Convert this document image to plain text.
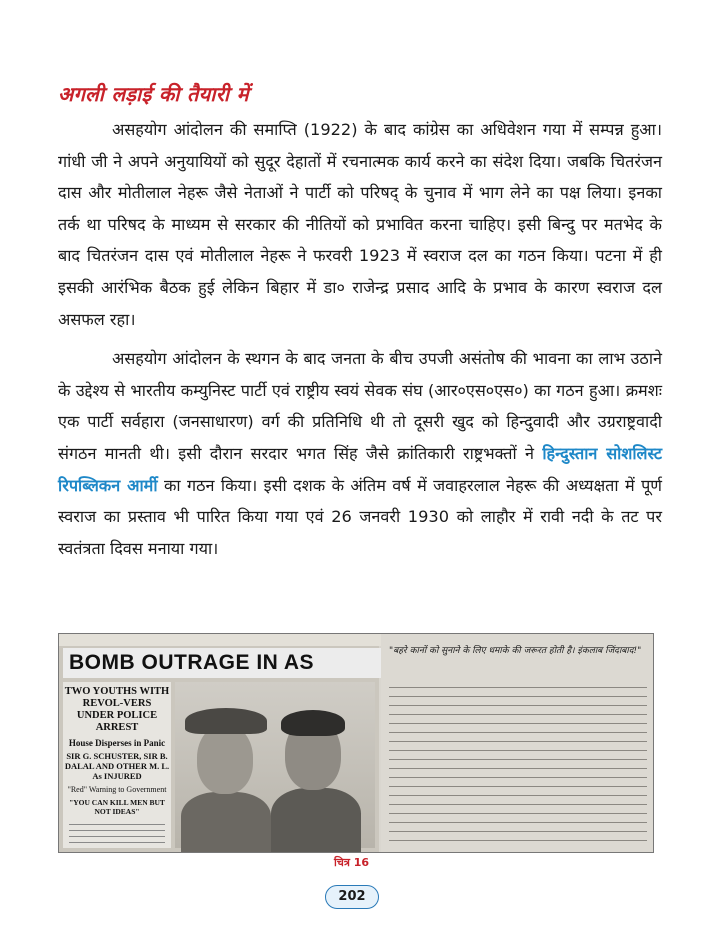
अगली लड़ाई की तैयारी में

असहयोग आंदोलन की समाप्ति (1922) के बाद कांग्रेस का अधिवेशन गया में सम्पन्न हुआ। गांधी जी ने अपने अनुयायियों को सुदूर देहातों में रचनात्मक कार्य करने का संदेश दिया। जबकि चितरंजन दास और मोतीलाल नेहरू जैसे नेताओं ने पार्टी को परिषद् के चुनाव में भाग लेने का पक्ष लिया। इनका तर्क था परिषद के माध्यम से सरकार की नीतियों को प्रभावित करना चाहिए। इसी बिन्दु पर मतभेद के बाद चितरंजन दास एवं मोतीलाल नेहरू ने फरवरी 1923 में स्वराज दल का गठन किया। पटना में ही इसकी आरंभिक बैठक हुई लेकिन बिहार में डा० राजेन्द्र प्रसाद आदि के प्रभाव के कारण स्वराज दल असफल रहा।

असहयोग आंदोलन के स्थगन के बाद जनता के बीच उपजी असंतोष की भावना का लाभ उठाने के उद्देश्य से भारतीय कम्युनिस्ट पार्टी एवं राष्ट्रीय स्वयं सेवक संघ (आर०एस०एस०) का गठन हुआ। क्रमशः एक पार्टी सर्वहारा (जनसाधारण) वर्ग की प्रतिनिधि थी तो दूसरी खुद को हिन्दुवादी और उग्रराष्ट्रवादी संगठन मानती थी। इसी दौरान सरदार भगत सिंह जैसे क्रांतिकारी राष्ट्रभक्तों ने हिन्दुस्तान सोशलिस्ट रिपब्लिकन आर्मी का गठन किया। इसी दशक के अंतिम वर्ष में जवाहरलाल नेहरू की अध्यक्षता में पूर्ण स्वराज का प्रस्ताव भी पारित किया गया एवं 26 जनवरी 1930 को लाहौर में रावी नदी के तट पर स्वतंत्रता दिवस मनाया गया।

BOMB OUTRAGE IN AS
TWO YOUTHS WITH REVOL-VERS UNDER POLICE ARREST
House Disperses in Panic
SIR G. SCHUSTER, SIR B. DALAL AND OTHER M. L. As INJURED
"Red" Warning to Government
"YOU CAN KILL MEN BUT NOT IDEAS"
"बहरे कानों को सुनाने के लिए धमाके की जरूरत होती है। इंकलाब जिंदाबाद!"
चित्र 16
202
